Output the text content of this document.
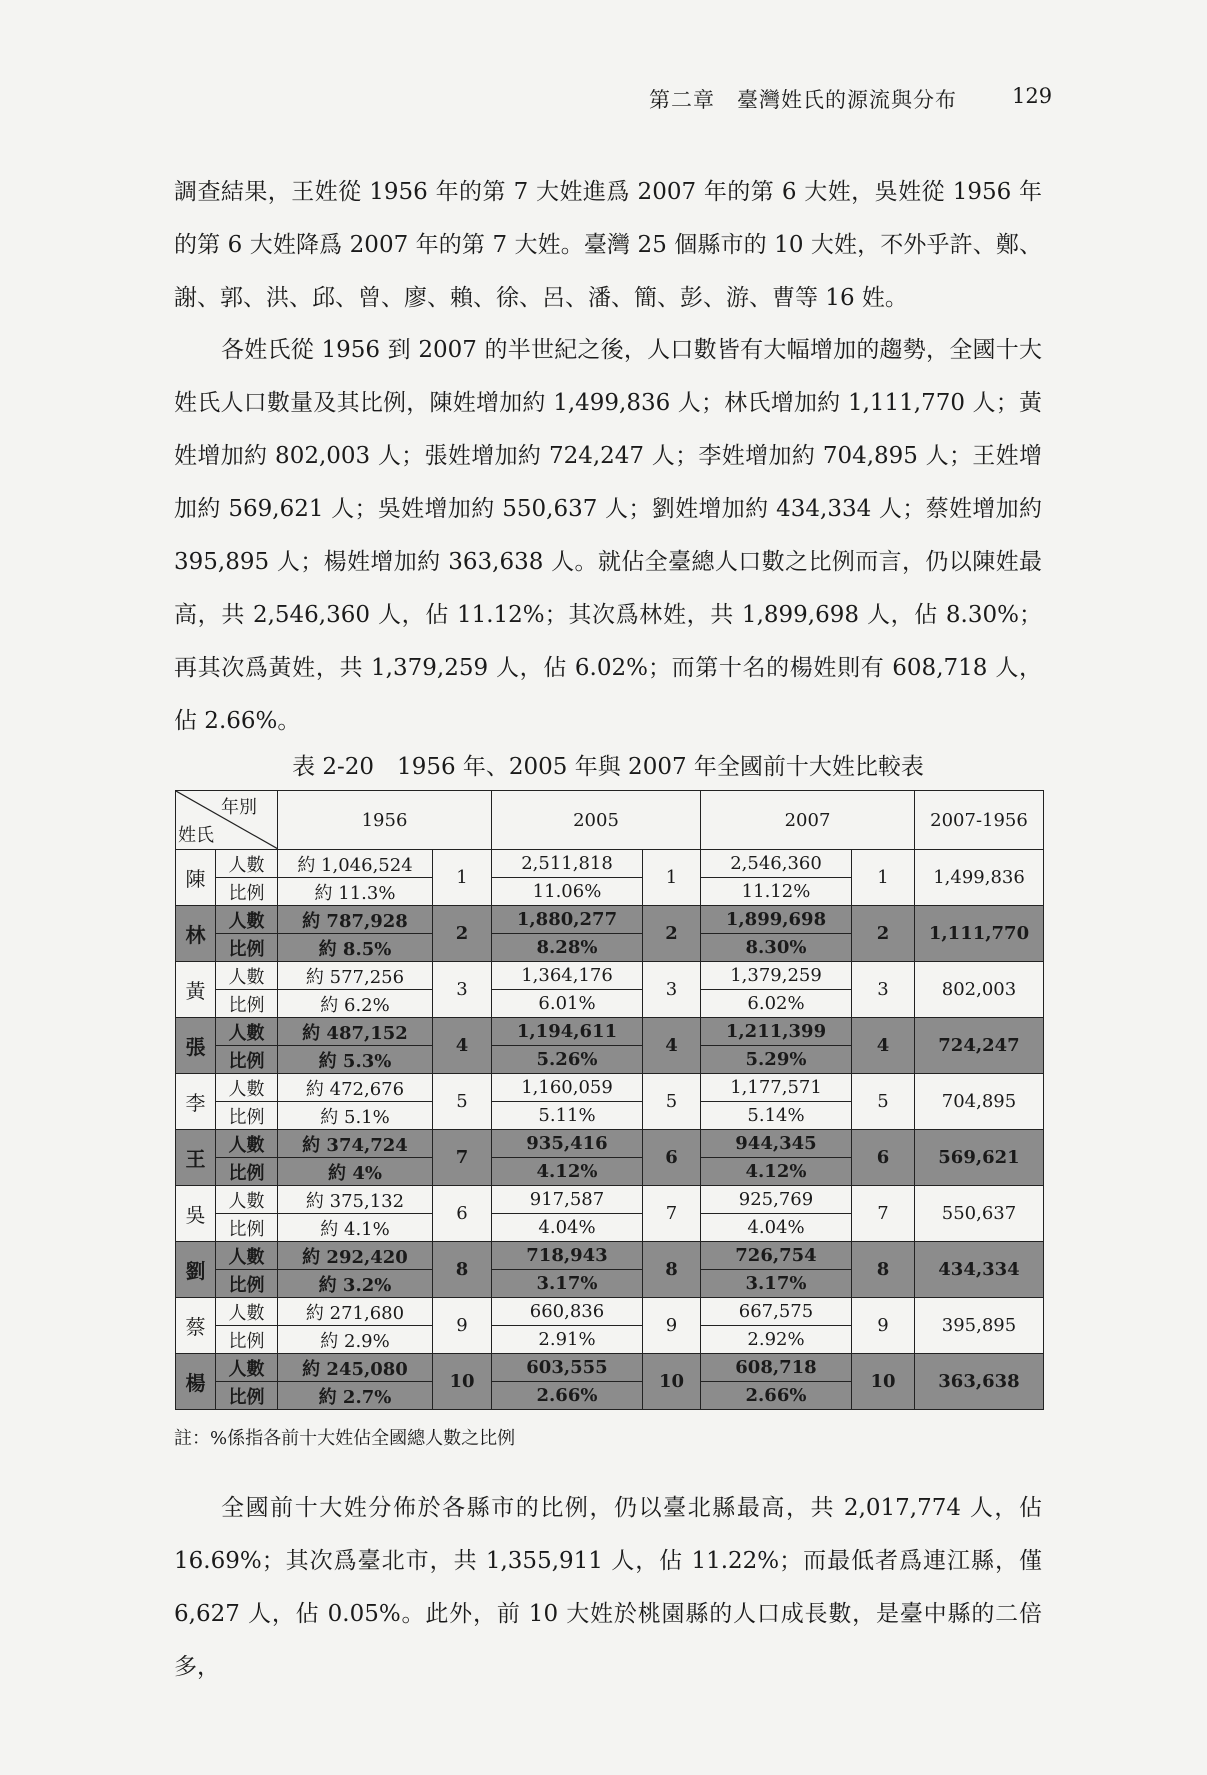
第二章　臺灣姓氏的源流與分布	129
調查結果，王姓從 1956 年的第 7 大姓進爲 2007 年的第 6 大姓，吳姓從 1956 年的第 6 大姓降爲 2007 年的第 7 大姓。臺灣 25 個縣市的 10 大姓，不外乎許、鄭、謝、郭、洪、邱、曾、廖、賴、徐、呂、潘、簡、彭、游、曹等 16 姓。
各姓氏從 1956 到 2007 的半世紀之後，人口數皆有大幅增加的趨勢，全國十大姓氏人口數量及其比例，陳姓增加約 1,499,836 人；林氏增加約 1,111,770 人；黃姓增加約 802,003 人；張姓增加約 724,247 人；李姓增加約 704,895 人；王姓增加約 569,621 人；吳姓增加約 550,637 人；劉姓增加約 434,334 人；蔡姓增加約 395,895 人；楊姓增加約 363,638 人。就佔全臺總人口數之比例而言，仍以陳姓最高，共 2,546,360 人，佔 11.12%；其次爲林姓，共 1,899,698 人，佔 8.30%；再其次爲黃姓，共 1,379,259 人，佔 6.02%；而第十名的楊姓則有 608,718 人，佔 2.66%。
表 2-20　1956 年、2005 年與 2007 年全國前十大姓比較表
年別
姓氏		1956		2005		2007		2007-1956
陳	人數	約 1,046,524	1	2,511,818	1	2,546,360	1	1,499,836
	比例	約 11.3%		11.06%		11.12%		
林	人數	約 787,928	2	1,880,277	2	1,899,698	2	1,111,770
	比例	約 8.5%		8.28%		8.30%		
黃	人數	約 577,256	3	1,364,176	3	1,379,259	3	802,003
	比例	約 6.2%		6.01%		6.02%		
張	人數	約 487,152	4	1,194,611	4	1,211,399	4	724,247
	比例	約 5.3%		5.26%		5.29%		
李	人數	約 472,676	5	1,160,059	5	1,177,571	5	704,895
	比例	約 5.1%		5.11%		5.14%		
王	人數	約 374,724	7	935,416	6	944,345	6	569,621
	比例	約 4%		4.12%		4.12%		
吳	人數	約 375,132	6	917,587	7	925,769	7	550,637
	比例	約 4.1%		4.04%		4.04%		
劉	人數	約 292,420	8	718,943	8	726,754	8	434,334
	比例	約 3.2%		3.17%		3.17%		
蔡	人數	約 271,680	9	660,836	9	667,575	9	395,895
	比例	約 2.9%		2.91%		2.92%		
楊	人數	約 245,080	10	603,555	10	608,718	10	363,638
	比例	約 2.7%		2.66%		2.66%		
註：%係指各前十大姓佔全國總人數之比例
全國前十大姓分佈於各縣市的比例，仍以臺北縣最高，共 2,017,774 人，佔 16.69%；其次爲臺北市，共 1,355,911 人，佔 11.22%；而最低者爲連江縣，僅 6,627 人，佔 0.05%。此外，前 10 大姓於桃園縣的人口成長數，是臺中縣的二倍多，
